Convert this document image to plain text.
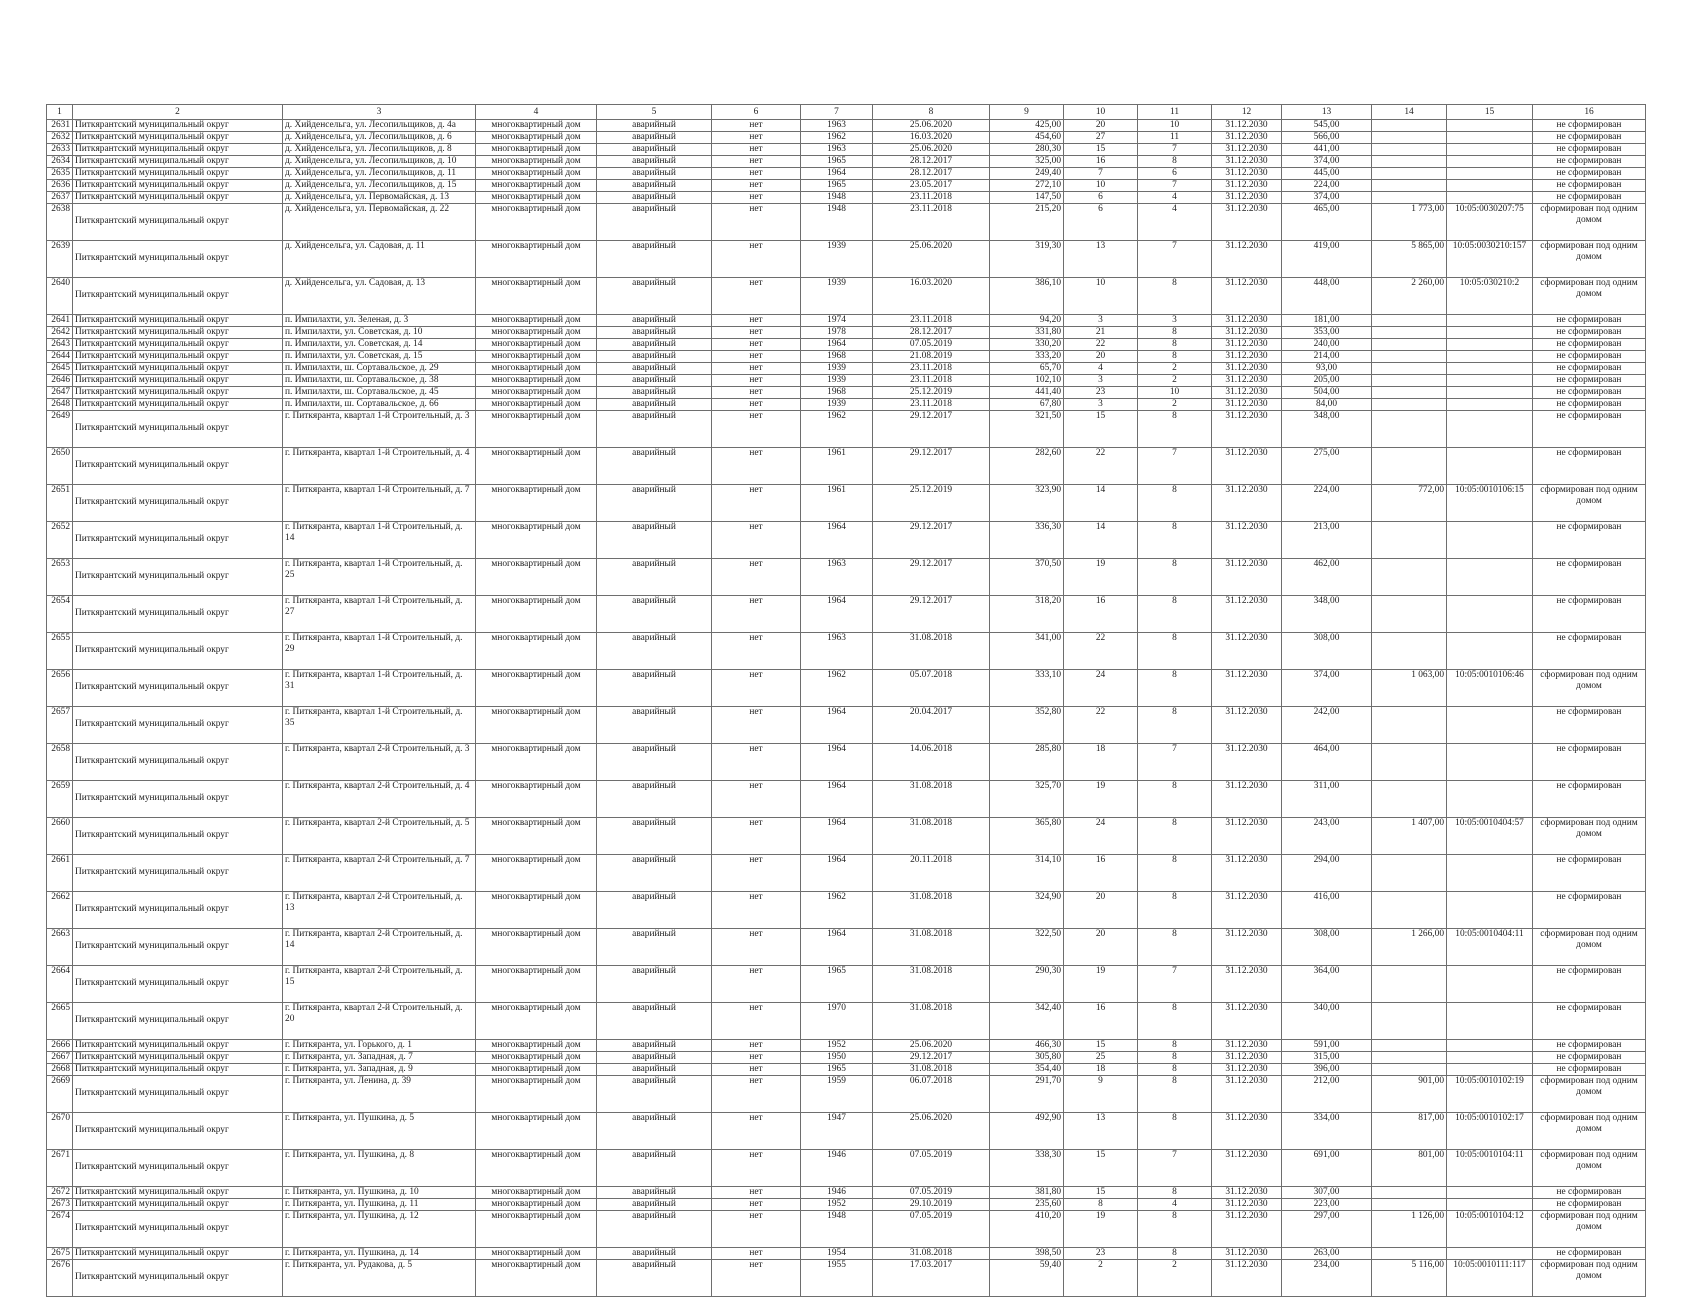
1	2	3	4	5	6	7	8	9	10	11	12	13	14	15	16
2631	Питкярантский муниципальный округ	д. Хийденсельга, ул. Лесопильщиков, д. 4а	многоквартирный дом	аварийный	нет	1963	25.06.2020	425,00	20	10	31.12.2030	545,00			не сформирован
2632	Питкярантский муниципальный округ	д. Хийденсельга, ул. Лесопильщиков, д. 6	многоквартирный дом	аварийный	нет	1962	16.03.2020	454,60	27	11	31.12.2030	566,00			не сформирован
2633	Питкярантский муниципальный округ	д. Хийденсельга, ул. Лесопильщиков, д. 8	многоквартирный дом	аварийный	нет	1963	25.06.2020	280,30	15	7	31.12.2030	441,00			не сформирован
2634	Питкярантский муниципальный округ	д. Хийденсельга, ул. Лесопильщиков, д. 10	многоквартирный дом	аварийный	нет	1965	28.12.2017	325,00	16	8	31.12.2030	374,00			не сформирован
2635	Питкярантский муниципальный округ	д. Хийденсельга, ул. Лесопильщиков, д. 11	многоквартирный дом	аварийный	нет	1964	28.12.2017	249,40	7	6	31.12.2030	445,00			не сформирован
2636	Питкярантский муниципальный округ	д. Хийденсельга, ул. Лесопильщиков, д. 15	многоквартирный дом	аварийный	нет	1965	23.05.2017	272,10	10	7	31.12.2030	224,00			не сформирован
2637	Питкярантский муниципальный округ	д. Хийденсельга, ул. Первомайская, д. 13	многоквартирный дом	аварийный	нет	1948	23.11.2018	147,50	6	4	31.12.2030	374,00			не сформирован
2638	Питкярантский муниципальный округ	д. Хийденсельга, ул. Первомайская, д. 22	многоквартирный дом	аварийный	нет	1948	23.11.2018	215,20	6	4	31.12.2030	465,00	1 773,00	10:05:0030207:75	сформирован под одним домом
2639	Питкярантский муниципальный округ	д. Хийденсельга, ул. Садовая, д. 11	многоквартирный дом	аварийный	нет	1939	25.06.2020	319,30	13	7	31.12.2030	419,00	5 865,00	10:05:0030210:157	сформирован под одним домом
2640	Питкярантский муниципальный округ	д. Хийденсельга, ул. Садовая, д. 13	многоквартирный дом	аварийный	нет	1939	16.03.2020	386,10	10	8	31.12.2030	448,00	2 260,00	10:05:030210:2	сформирован под одним домом
2641	Питкярантский муниципальный округ	п. Импилахти, ул. Зеленая, д. 3	многоквартирный дом	аварийный	нет	1974	23.11.2018	94,20	3	3	31.12.2030	181,00			не сформирован
2642	Питкярантский муниципальный округ	п. Импилахти, ул. Советская, д. 10	многоквартирный дом	аварийный	нет	1978	28.12.2017	331,80	21	8	31.12.2030	353,00			не сформирован
2643	Питкярантский муниципальный округ	п. Импилахти, ул. Советская, д. 14	многоквартирный дом	аварийный	нет	1964	07.05.2019	330,20	22	8	31.12.2030	240,00			не сформирован
2644	Питкярантский муниципальный округ	п. Импилахти, ул. Советская, д. 15	многоквартирный дом	аварийный	нет	1968	21.08.2019	333,20	20	8	31.12.2030	214,00			не сформирован
2645	Питкярантский муниципальный округ	п. Импилахти, ш. Сортавальское, д. 29	многоквартирный дом	аварийный	нет	1939	23.11.2018	65,70	4	2	31.12.2030	93,00			не сформирован
2646	Питкярантский муниципальный округ	п. Импилахти, ш. Сортавальское, д. 38	многоквартирный дом	аварийный	нет	1939	23.11.2018	102,10	3	2	31.12.2030	205,00			не сформирован
2647	Питкярантский муниципальный округ	п. Импилахти, ш. Сортавальское, д. 45	многоквартирный дом	аварийный	нет	1968	25.12.2019	441,40	23	10	31.12.2030	504,00			не сформирован
2648	Питкярантский муниципальный округ	п. Импилахти, ш. Сортавальское, д. 66	многоквартирный дом	аварийный	нет	1939	23.11.2018	67,80	3	2	31.12.2030	84,00			не сформирован
2649	Питкярантский муниципальный округ	г. Питкяранта, квартал 1-й Строительный, д. 3	многоквартирный дом	аварийный	нет	1962	29.12.2017	321,50	15	8	31.12.2030	348,00			не сформирован
2650	Питкярантский муниципальный округ	г. Питкяранта, квартал 1-й Строительный, д. 4	многоквартирный дом	аварийный	нет	1961	29.12.2017	282,60	22	7	31.12.2030	275,00			не сформирован
2651	Питкярантский муниципальный округ	г. Питкяранта, квартал 1-й Строительный, д. 7	многоквартирный дом	аварийный	нет	1961	25.12.2019	323,90	14	8	31.12.2030	224,00	772,00	10:05:0010106:15	сформирован под одним домом
2652	Питкярантский муниципальный округ	г. Питкяранта, квартал 1-й Строительный, д. 14	многоквартирный дом	аварийный	нет	1964	29.12.2017	336,30	14	8	31.12.2030	213,00			не сформирован
2653	Питкярантский муниципальный округ	г. Питкяранта, квартал 1-й Строительный, д. 25	многоквартирный дом	аварийный	нет	1963	29.12.2017	370,50	19	8	31.12.2030	462,00			не сформирован
2654	Питкярантский муниципальный округ	г. Питкяранта, квартал 1-й Строительный, д. 27	многоквартирный дом	аварийный	нет	1964	29.12.2017	318,20	16	8	31.12.2030	348,00			не сформирован
2655	Питкярантский муниципальный округ	г. Питкяранта, квартал 1-й Строительный, д. 29	многоквартирный дом	аварийный	нет	1963	31.08.2018	341,00	22	8	31.12.2030	308,00			не сформирован
2656	Питкярантский муниципальный округ	г. Питкяранта, квартал 1-й Строительный, д. 31	многоквартирный дом	аварийный	нет	1962	05.07.2018	333,10	24	8	31.12.2030	374,00	1 063,00	10:05:0010106:46	сформирован под одним домом
2657	Питкярантский муниципальный округ	г. Питкяранта, квартал 1-й Строительный, д. 35	многоквартирный дом	аварийный	нет	1964	20.04.2017	352,80	22	8	31.12.2030	242,00			не сформирован
2658	Питкярантский муниципальный округ	г. Питкяранта, квартал 2-й Строительный, д. 3	многоквартирный дом	аварийный	нет	1964	14.06.2018	285,80	18	7	31.12.2030	464,00			не сформирован
2659	Питкярантский муниципальный округ	г. Питкяранта, квартал 2-й Строительный, д. 4	многоквартирный дом	аварийный	нет	1964	31.08.2018	325,70	19	8	31.12.2030	311,00			не сформирован
2660	Питкярантский муниципальный округ	г. Питкяранта, квартал 2-й Строительный, д. 5	многоквартирный дом	аварийный	нет	1964	31.08.2018	365,80	24	8	31.12.2030	243,00	1 407,00	10:05:0010404:57	сформирован под одним домом
2661	Питкярантский муниципальный округ	г. Питкяранта, квартал 2-й Строительный, д. 7	многоквартирный дом	аварийный	нет	1964	20.11.2018	314,10	16	8	31.12.2030	294,00			не сформирован
2662	Питкярантский муниципальный округ	г. Питкяранта, квартал 2-й Строительный, д. 13	многоквартирный дом	аварийный	нет	1962	31.08.2018	324,90	20	8	31.12.2030	416,00			не сформирован
2663	Питкярантский муниципальный округ	г. Питкяранта, квартал 2-й Строительный, д. 14	многоквартирный дом	аварийный	нет	1964	31.08.2018	322,50	20	8	31.12.2030	308,00	1 266,00	10:05:0010404:11	сформирован под одним домом
2664	Питкярантский муниципальный округ	г. Питкяранта, квартал 2-й Строительный, д. 15	многоквартирный дом	аварийный	нет	1965	31.08.2018	290,30	19	7	31.12.2030	364,00			не сформирован
2665	Питкярантский муниципальный округ	г. Питкяранта, квартал 2-й Строительный, д. 20	многоквартирный дом	аварийный	нет	1970	31.08.2018	342,40	16	8	31.12.2030	340,00			не сформирован
2666	Питкярантский муниципальный округ	г. Питкяранта, ул. Горького, д. 1	многоквартирный дом	аварийный	нет	1952	25.06.2020	466,30	15	8	31.12.2030	591,00			не сформирован
2667	Питкярантский муниципальный округ	г. Питкяранта, ул. Западная, д. 7	многоквартирный дом	аварийный	нет	1950	29.12.2017	305,80	25	8	31.12.2030	315,00			не сформирован
2668	Питкярантский муниципальный округ	г. Питкяранта, ул. Западная, д. 9	многоквартирный дом	аварийный	нет	1965	31.08.2018	354,40	18	8	31.12.2030	396,00			не сформирован
2669	Питкярантский муниципальный округ	г. Питкяранта, ул. Ленина, д. 39	многоквартирный дом	аварийный	нет	1959	06.07.2018	291,70	9	8	31.12.2030	212,00	901,00	10:05:0010102:19	сформирован под одним домом
2670	Питкярантский муниципальный округ	г. Питкяранта, ул. Пушкина, д. 5	многоквартирный дом	аварийный	нет	1947	25.06.2020	492,90	13	8	31.12.2030	334,00	817,00	10:05:0010102:17	сформирован под одним домом
2671	Питкярантский муниципальный округ	г. Питкяранта, ул. Пушкина, д. 8	многоквартирный дом	аварийный	нет	1946	07.05.2019	338,30	15	7	31.12.2030	691,00	801,00	10:05:0010104:11	сформирован под одним домом
2672	Питкярантский муниципальный округ	г. Питкяранта, ул. Пушкина, д. 10	многоквартирный дом	аварийный	нет	1946	07.05.2019	381,80	15	8	31.12.2030	307,00			не сформирован
2673	Питкярантский муниципальный округ	г. Питкяранта, ул. Пушкина, д. 11	многоквартирный дом	аварийный	нет	1952	29.10.2019	235,60	8	4	31.12.2030	223,00			не сформирован
2674	Питкярантский муниципальный округ	г. Питкяранта, ул. Пушкина, д. 12	многоквартирный дом	аварийный	нет	1948	07.05.2019	410,20	19	8	31.12.2030	297,00	1 126,00	10:05:0010104:12	сформирован под одним домом
2675	Питкярантский муниципальный округ	г. Питкяранта, ул. Пушкина, д. 14	многоквартирный дом	аварийный	нет	1954	31.08.2018	398,50	23	8	31.12.2030	263,00			не сформирован
2676	Питкярантский муниципальный округ	г. Питкяранта, ул. Рудакова, д. 5	многоквартирный дом	аварийный	нет	1955	17.03.2017	59,40	2	2	31.12.2030	234,00	5 116,00	10:05:0010111:117	сформирован под одним домом
